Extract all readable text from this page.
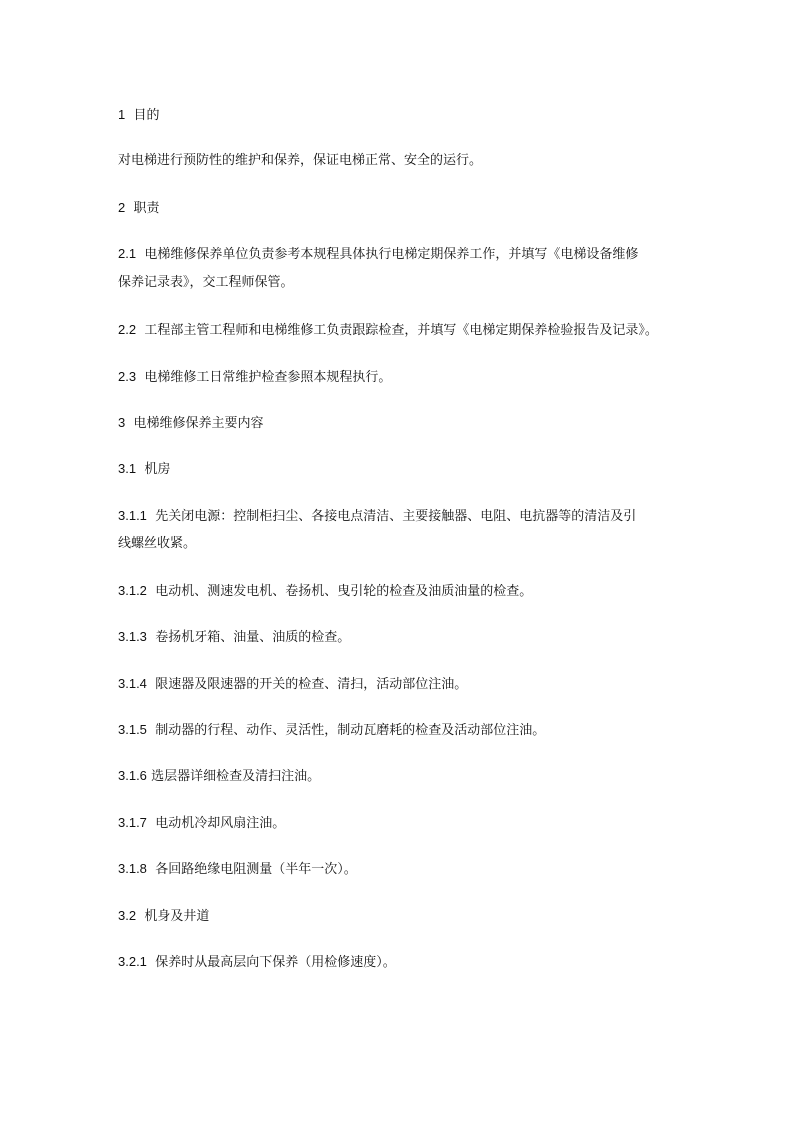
1 目的
对电梯进行预防性的维护和保养，保证电梯正常、安全的运行。
2 职责
2.1 电梯维修保养单位负责参考本规程具体执行电梯定期保养工作，并填写《电梯设备维修
保养记录表》，交工程师保管。
2.2 工程部主管工程师和电梯维修工负责跟踪检查，并填写《电梯定期保养检验报告及记录》。
2.3 电梯维修工日常维护检查参照本规程执行。
3 电梯维修保养主要内容
3.1 机房
3.1.1 先关闭电源：控制柜扫尘、各接电点清洁、主要接触器、电阻、电抗器等的清洁及引
线螺丝收紧。
3.1.2 电动机、测速发电机、卷扬机、曳引轮的检查及油质油量的检查。
3.1.3 卷扬机牙箱、油量、油质的检查。
3.1.4 限速器及限速器的开关的检查、清扫，活动部位注油。
3.1.5 制动器的行程、动作、灵活性，制动瓦磨耗的检查及活动部位注油。
3.1.6 选层器详细检查及清扫注油。
3.1.7 电动机冷却风扇注油。
3.1.8 各回路绝缘电阻测量（半年一次）。
3.2 机身及井道
3.2.1 保养时从最高层向下保养（用检修速度）。
